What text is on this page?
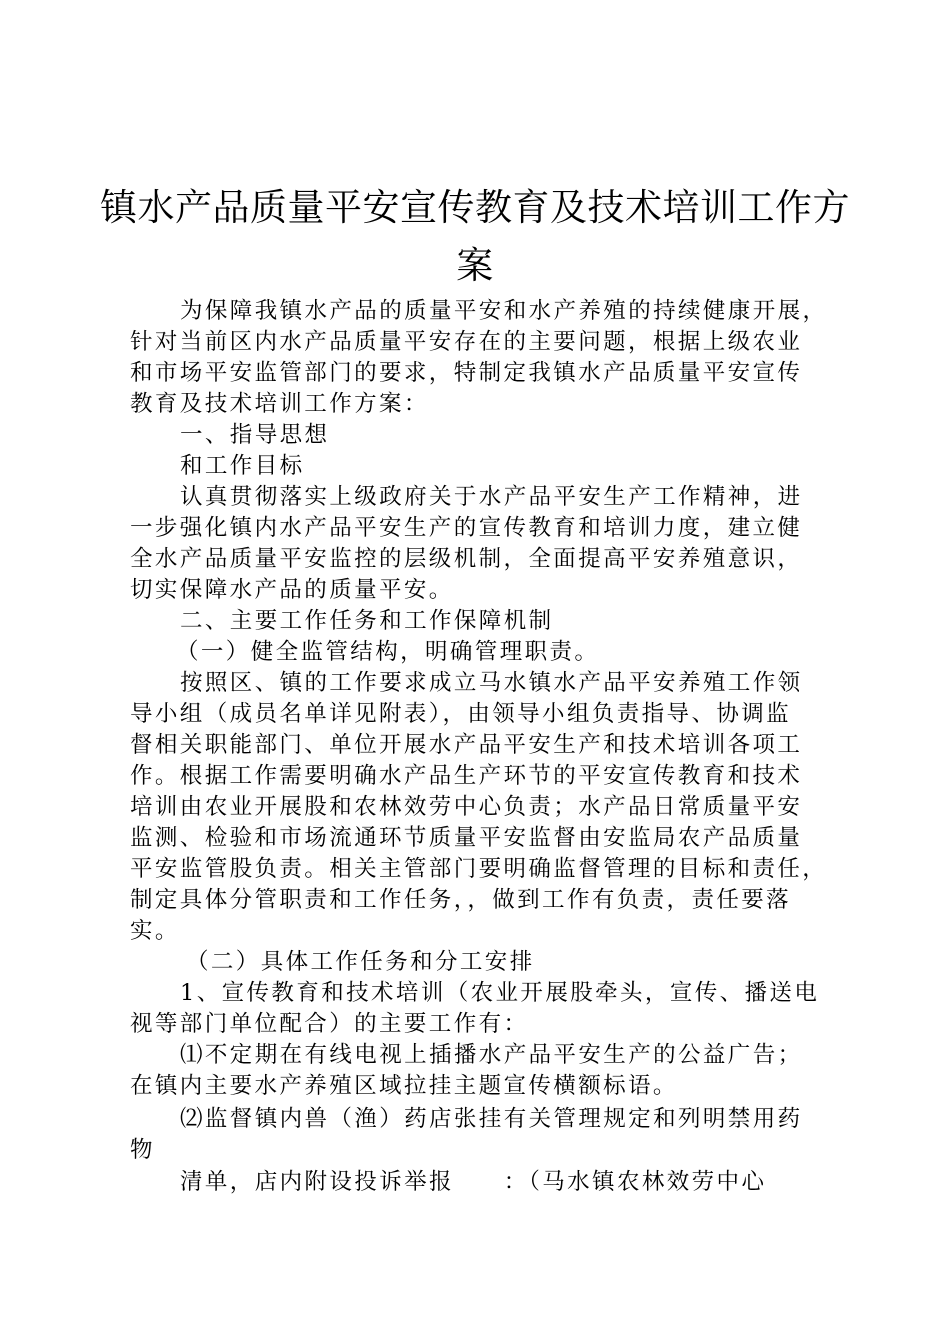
镇水产品质量平安宣传教育及技术培训工作方
案
为保障我镇水产品的质量平安和水产养殖的持续健康开展，
针对当前区内水产品质量平安存在的主要问题，根据上级农业
和市场平安监管部门的要求，特制定我镇水产品质量平安宣传
教育及技术培训工作方案：
一、指导思想
和工作目标
认真贯彻落实上级政府关于水产品平安生产工作精神，进
一步强化镇内水产品平安生产的宣传教育和培训力度，建立健
全水产品质量平安监控的层级机制，全面提高平安养殖意识，
切实保障水产品的质量平安。
二、主要工作任务和工作保障机制
（一）健全监管结构，明确管理职责。
按照区、镇的工作要求成立马水镇水产品平安养殖工作领
导小组（成员名单详见附表），由领导小组负责指导、协调监
督相关职能部门、单位开展水产品平安生产和技术培训各项工
作。根据工作需要明确水产品生产环节的平安宣传教育和技术
培训由农业开展股和农林效劳中心负责；水产品日常质量平安
监测、检验和市场流通环节质量平安监督由安监局农产品质量
平安监管股负责。相关主管部门要明确监督管理的目标和责任，
制定具体分管职责和工作任务，，做到工作有负责，责任要落
实。
（二）具体工作任务和分工安排
1、宣传教育和技术培训（农业开展股牵头，宣传、播送电
视等部门单位配合）的主要工作有：
⑴不定期在有线电视上插播水产品平安生产的公益广告；
在镇内主要水产养殖区域拉挂主题宣传横额标语。
⑵监督镇内兽（渔）药店张挂有关管理规定和列明禁用药
物
清单，店内附设投诉举报　　：（马水镇农林效劳中心
